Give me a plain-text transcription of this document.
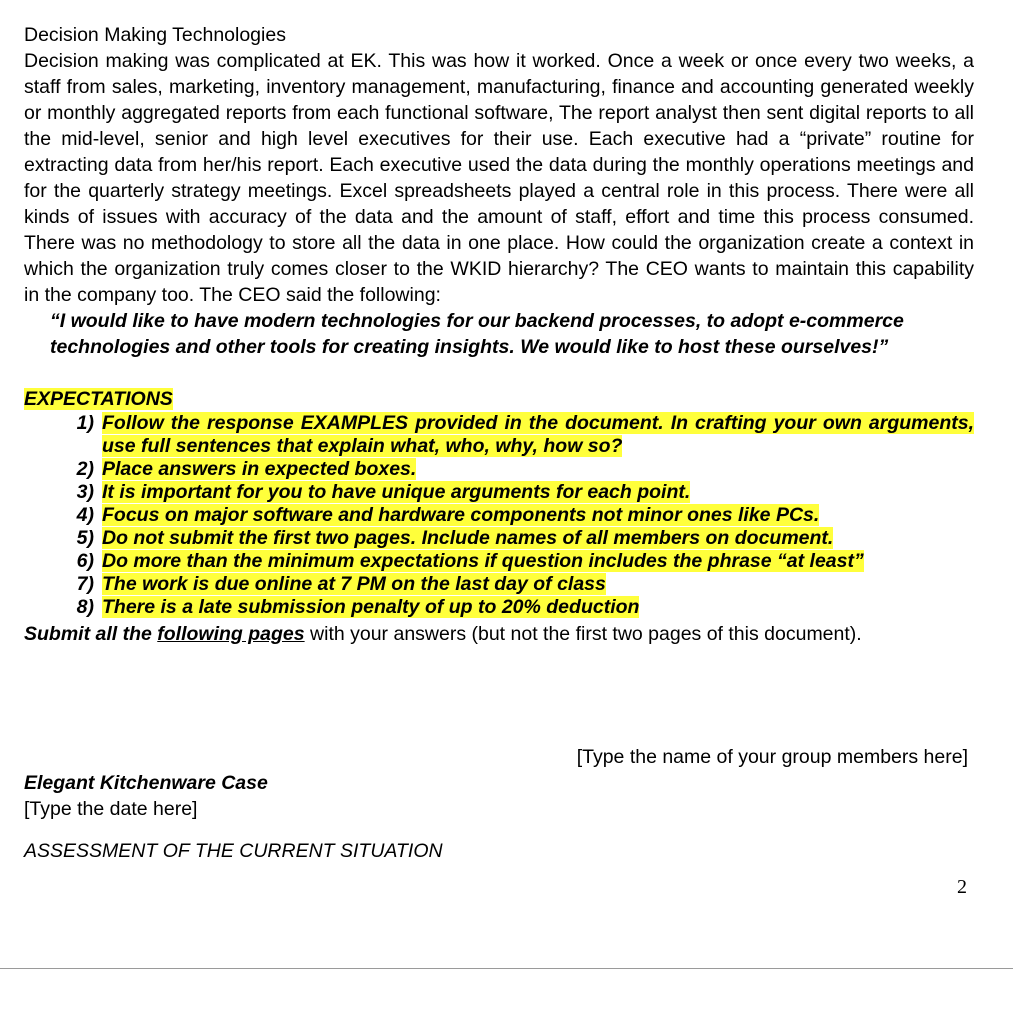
Decision Making Technologies

Decision making was complicated at EK. This was how it worked. Once a week or once every two weeks, a staff from sales, marketing, inventory management, manufacturing, finance and accounting generated weekly or monthly aggregated reports from each functional software, The report analyst then sent digital reports to all the mid-level, senior and high level executives for their use. Each executive had a “private” routine for extracting data from her/his report. Each executive used the data during the monthly operations meetings and for the quarterly strategy meetings. Excel spreadsheets played a central role in this process. There were all kinds of issues with accuracy of the data and the amount of staff, effort and time this process consumed. There was no methodology to store all the data in one place. How could the organization create a context in which the organization truly comes closer to the WKID hierarchy? The CEO wants to maintain this capability in the company too. The CEO said the following:

“I would like to have modern technologies for our backend processes, to adopt e-commerce technologies and other tools for creating insights. We would like to host these ourselves!”

EXPECTATIONS
1) Follow the response EXAMPLES provided in the document. In crafting your own arguments, use full sentences that explain what, who, why, how so?
2) Place answers in expected boxes.
3) It is important for you to have unique arguments for each point.
4) Focus on major software and hardware components not minor ones like PCs.
5) Do not submit the first two pages. Include names of all members on document.
6) Do more than the minimum expectations if question includes the phrase “at least”
7) The work is due online at 7 PM on the last day of class
8) There is a late submission penalty of up to 20% deduction

Submit all the following pages with your answers (but not the first two pages of this document).

[Type the name of your group members here]
Elegant Kitchenware Case
[Type the date here]
ASSESSMENT OF THE CURRENT SITUATION
2
